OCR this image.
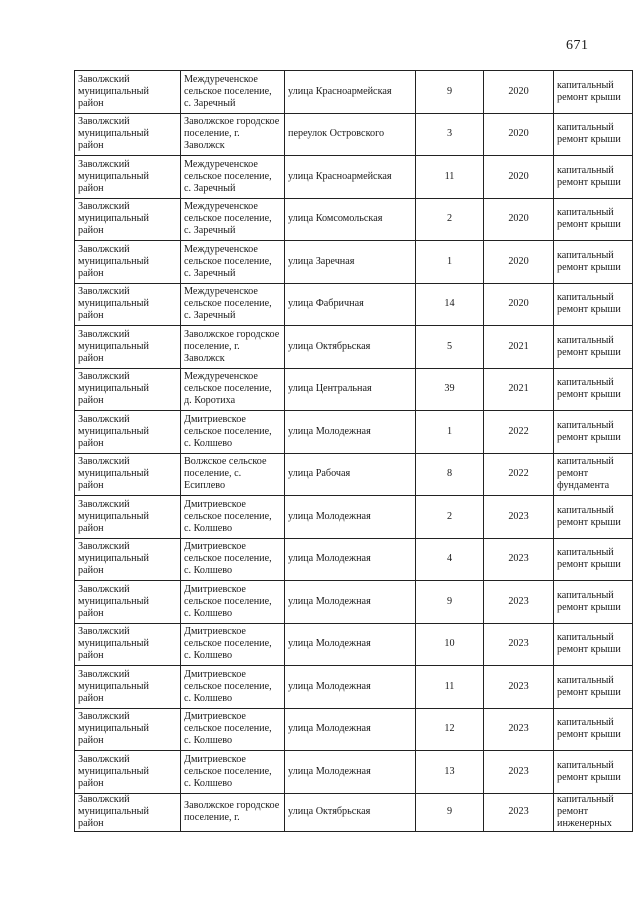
671
Заволжский муниципальный район	Междуреченское сельское поселение, с. Заречный	улица Красноармейская	9	2020	капитальный ремонт крыши
Заволжский муниципальный район	Заволжское городское поселение, г. Заволжск	переулок Островского	3	2020	капитальный ремонт крыши
Заволжский муниципальный район	Междуреченское сельское поселение, с. Заречный	улица Красноармейская	11	2020	капитальный ремонт крыши
Заволжский муниципальный район	Междуреченское сельское поселение, с. Заречный	улица Комсомольская	2	2020	капитальный ремонт крыши
Заволжский муниципальный район	Междуреченское сельское поселение, с. Заречный	улица Заречная	1	2020	капитальный ремонт крыши
Заволжский муниципальный район	Междуреченское сельское поселение, с. Заречный	улица Фабричная	14	2020	капитальный ремонт крыши
Заволжский муниципальный район	Заволжское городское поселение, г. Заволжск	улица Октябрьская	5	2021	капитальный ремонт крыши
Заволжский муниципальный район	Междуреченское сельское поселение, д. Коротиха	улица Центральная	39	2021	капитальный ремонт крыши
Заволжский муниципальный район	Дмитриевское сельское поселение, с. Колшево	улица Молодежная	1	2022	капитальный ремонт крыши
Заволжский муниципальный район	Волжское сельское поселение, с. Есиплево	улица Рабочая	8	2022	капитальный ремонт фундамента
Заволжский муниципальный район	Дмитриевское сельское поселение, с. Колшево	улица Молодежная	2	2023	капитальный ремонт крыши
Заволжский муниципальный район	Дмитриевское сельское поселение, с. Колшево	улица Молодежная	4	2023	капитальный ремонт крыши
Заволжский муниципальный район	Дмитриевское сельское поселение, с. Колшево	улица Молодежная	9	2023	капитальный ремонт крыши
Заволжский муниципальный район	Дмитриевское сельское поселение, с. Колшево	улица Молодежная	10	2023	капитальный ремонт крыши
Заволжский муниципальный район	Дмитриевское сельское поселение, с. Колшево	улица Молодежная	11	2023	капитальный ремонт крыши
Заволжский муниципальный район	Дмитриевское сельское поселение, с. Колшево	улица Молодежная	12	2023	капитальный ремонт крыши
Заволжский муниципальный район	Дмитриевское сельское поселение, с. Колшево	улица Молодежная	13	2023	капитальный ремонт крыши
Заволжский муниципальный район	Заволжское городское поселение, г.	улица Октябрьская	9	2023	капитальный ремонт инженерных
